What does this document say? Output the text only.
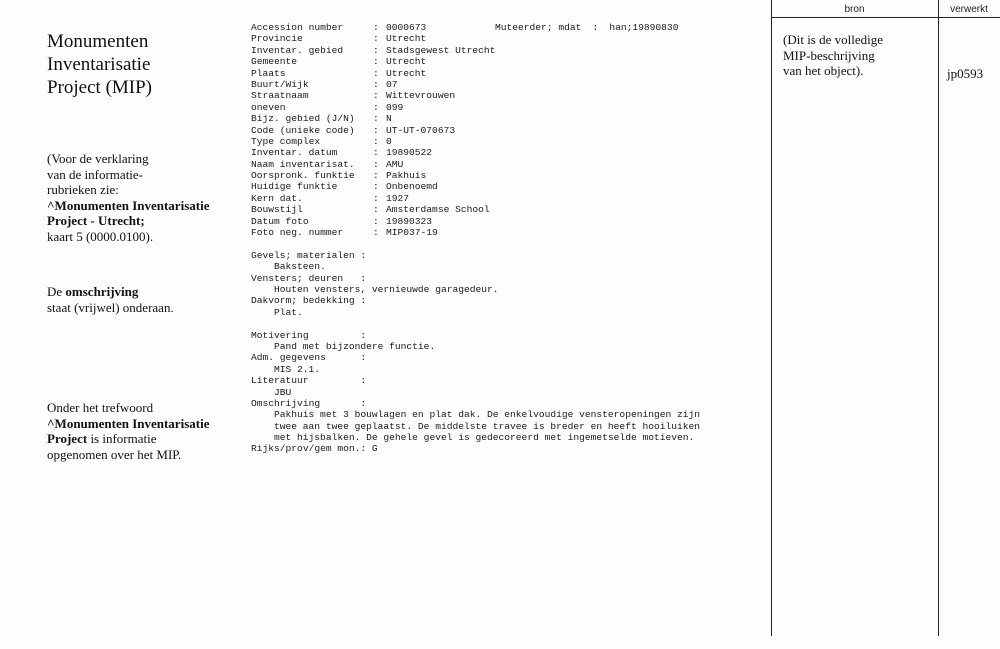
Monumenten
Inventarisatie
Project (MIP)
(Voor de verklaring
van de informatie-
rubrieken zie:
^Monumenten Inventarisatie
Project - Utrecht;
kaart 5 (0000.0100).
De omschrijving
staat (vrijwel) onderaan.
Onder het trefwoord
^Monumenten Inventarisatie
Project is informatie
opgenomen over het MIP.
Muteerder; mdat : han;19890830
Accession number	: 0000673
Provincie	: Utrecht
Inventar. gebied	: Stadsgewest Utrecht
Gemeente	: Utrecht
Plaats	: Utrecht
Buurt/Wijk	: 07
Straatnaam	: Wittevrouwen
oneven	: 099
Bijz. gebied (J/N) : N
Code (unieke code) : UT-UT-070673
Type complex	: 0
Inventar. datum	: 19890522
Naam inventarisat. : AMU
Oorspronk. funktie : Pakhuis
Huidige funktie	: Onbenoemd
Kern dat.	: 1927
Bouwstijl	: Amsterdamse School
Datum foto	: 19890323
Foto neg. nummer	: MIP037-19
Gevels; materialen :
Baksteen.
Vensters; deuren   :
Houten vensters, vernieuwde garagedeur.
Dakvorm; bedekking :
Plat.
Motivering         :
Pand met bijzondere functie.
Adm. gegevens      :
MIS 2.1.
Literatuur         :
JBU
Omschrijving       :
Pakhuis met 3 bouwlagen en plat dak. De enkelvoudige vensteropeningen zijn
twee aan twee geplaatst. De middelste travee is breder en heeft hooiluiken
met hijsbalken. De gehele gevel is gedecoreerd met ingemetselde motieven.
Rijks/prov/gem mon.: G
bron	verwerkt
(Dit is de volledige
MIP-beschrijving
van het object).	jp0593
